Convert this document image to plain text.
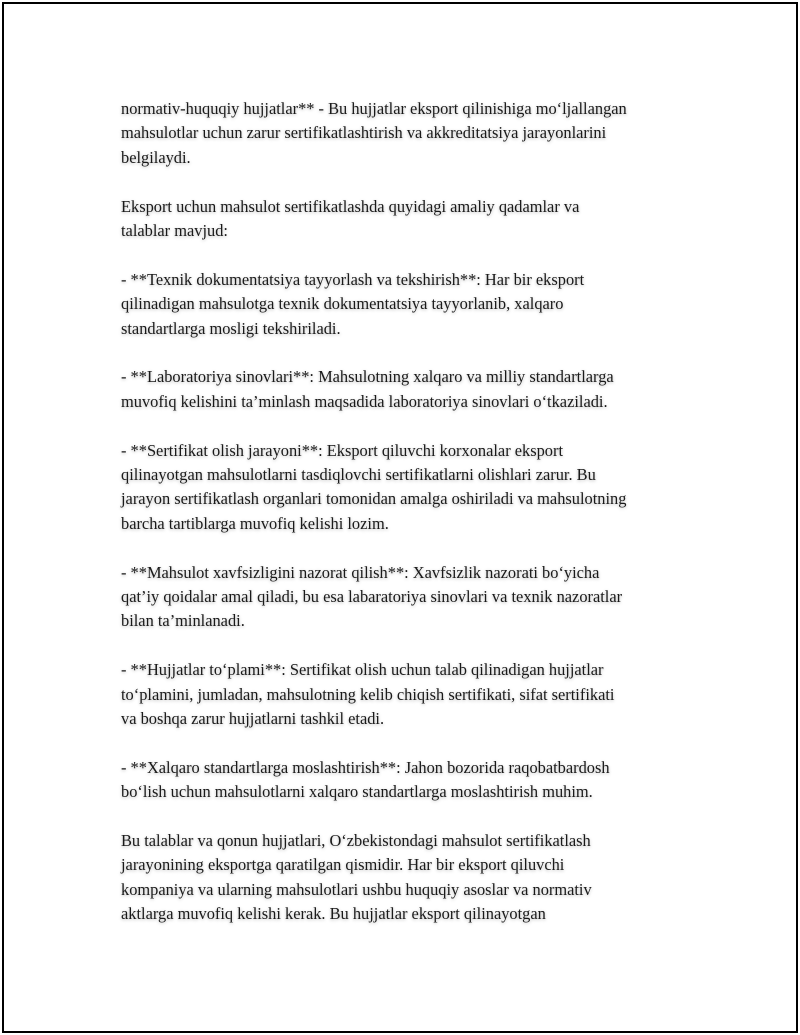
normativ-huquqiy hujjatlar** - Bu hujjatlar eksport qilinishiga mo‘ljallangan
mahsulotlar uchun zarur sertifikatlashtirish va akkreditatsiya jarayonlarini
belgilaydi.

Eksport uchun mahsulot sertifikatlashda quyidagi amaliy qadamlar va
talablar mavjud:

- **Texnik dokumentatsiya tayyorlash va tekshirish**: Har bir eksport
qilinadigan mahsulotga texnik dokumentatsiya tayyorlanib, xalqaro
standartlarga mosligi tekshiriladi.

- **Laboratoriya sinovlari**: Mahsulotning xalqaro va milliy standartlarga
muvofiq kelishini ta’minlash maqsadida laboratoriya sinovlari o‘tkaziladi.

- **Sertifikat olish jarayoni**: Eksport qiluvchi korxonalar eksport
qilinayotgan mahsulotlarni tasdiqlovchi sertifikatlarni olishlari zarur. Bu
jarayon sertifikatlash organlari tomonidan amalga oshiriladi va mahsulotning
barcha tartiblarga muvofiq kelishi lozim.

- **Mahsulot xavfsizligini nazorat qilish**: Xavfsizlik nazorati bo‘yicha
qat’iy qoidalar amal qiladi, bu esa labaratoriya sinovlari va texnik nazoratlar
bilan ta’minlanadi.

- **Hujjatlar to‘plami**: Sertifikat olish uchun talab qilinadigan hujjatlar
to‘plamini, jumladan, mahsulotning kelib chiqish sertifikati, sifat sertifikati
va boshqa zarur hujjatlarni tashkil etadi.

- **Xalqaro standartlarga moslashtirish**: Jahon bozorida raqobatbardosh
bo‘lish uchun mahsulotlarni xalqaro standartlarga moslashtirish muhim.

Bu talablar va qonun hujjatlari, O‘zbekistondagi mahsulot sertifikatlash
jarayonining eksportga qaratilgan qismidir. Har bir eksport qiluvchi
kompaniya va ularning mahsulotlari ushbu huquqiy asoslar va normativ
aktlarga muvofiq kelishi kerak. Bu hujjatlar eksport qilinayotgan
